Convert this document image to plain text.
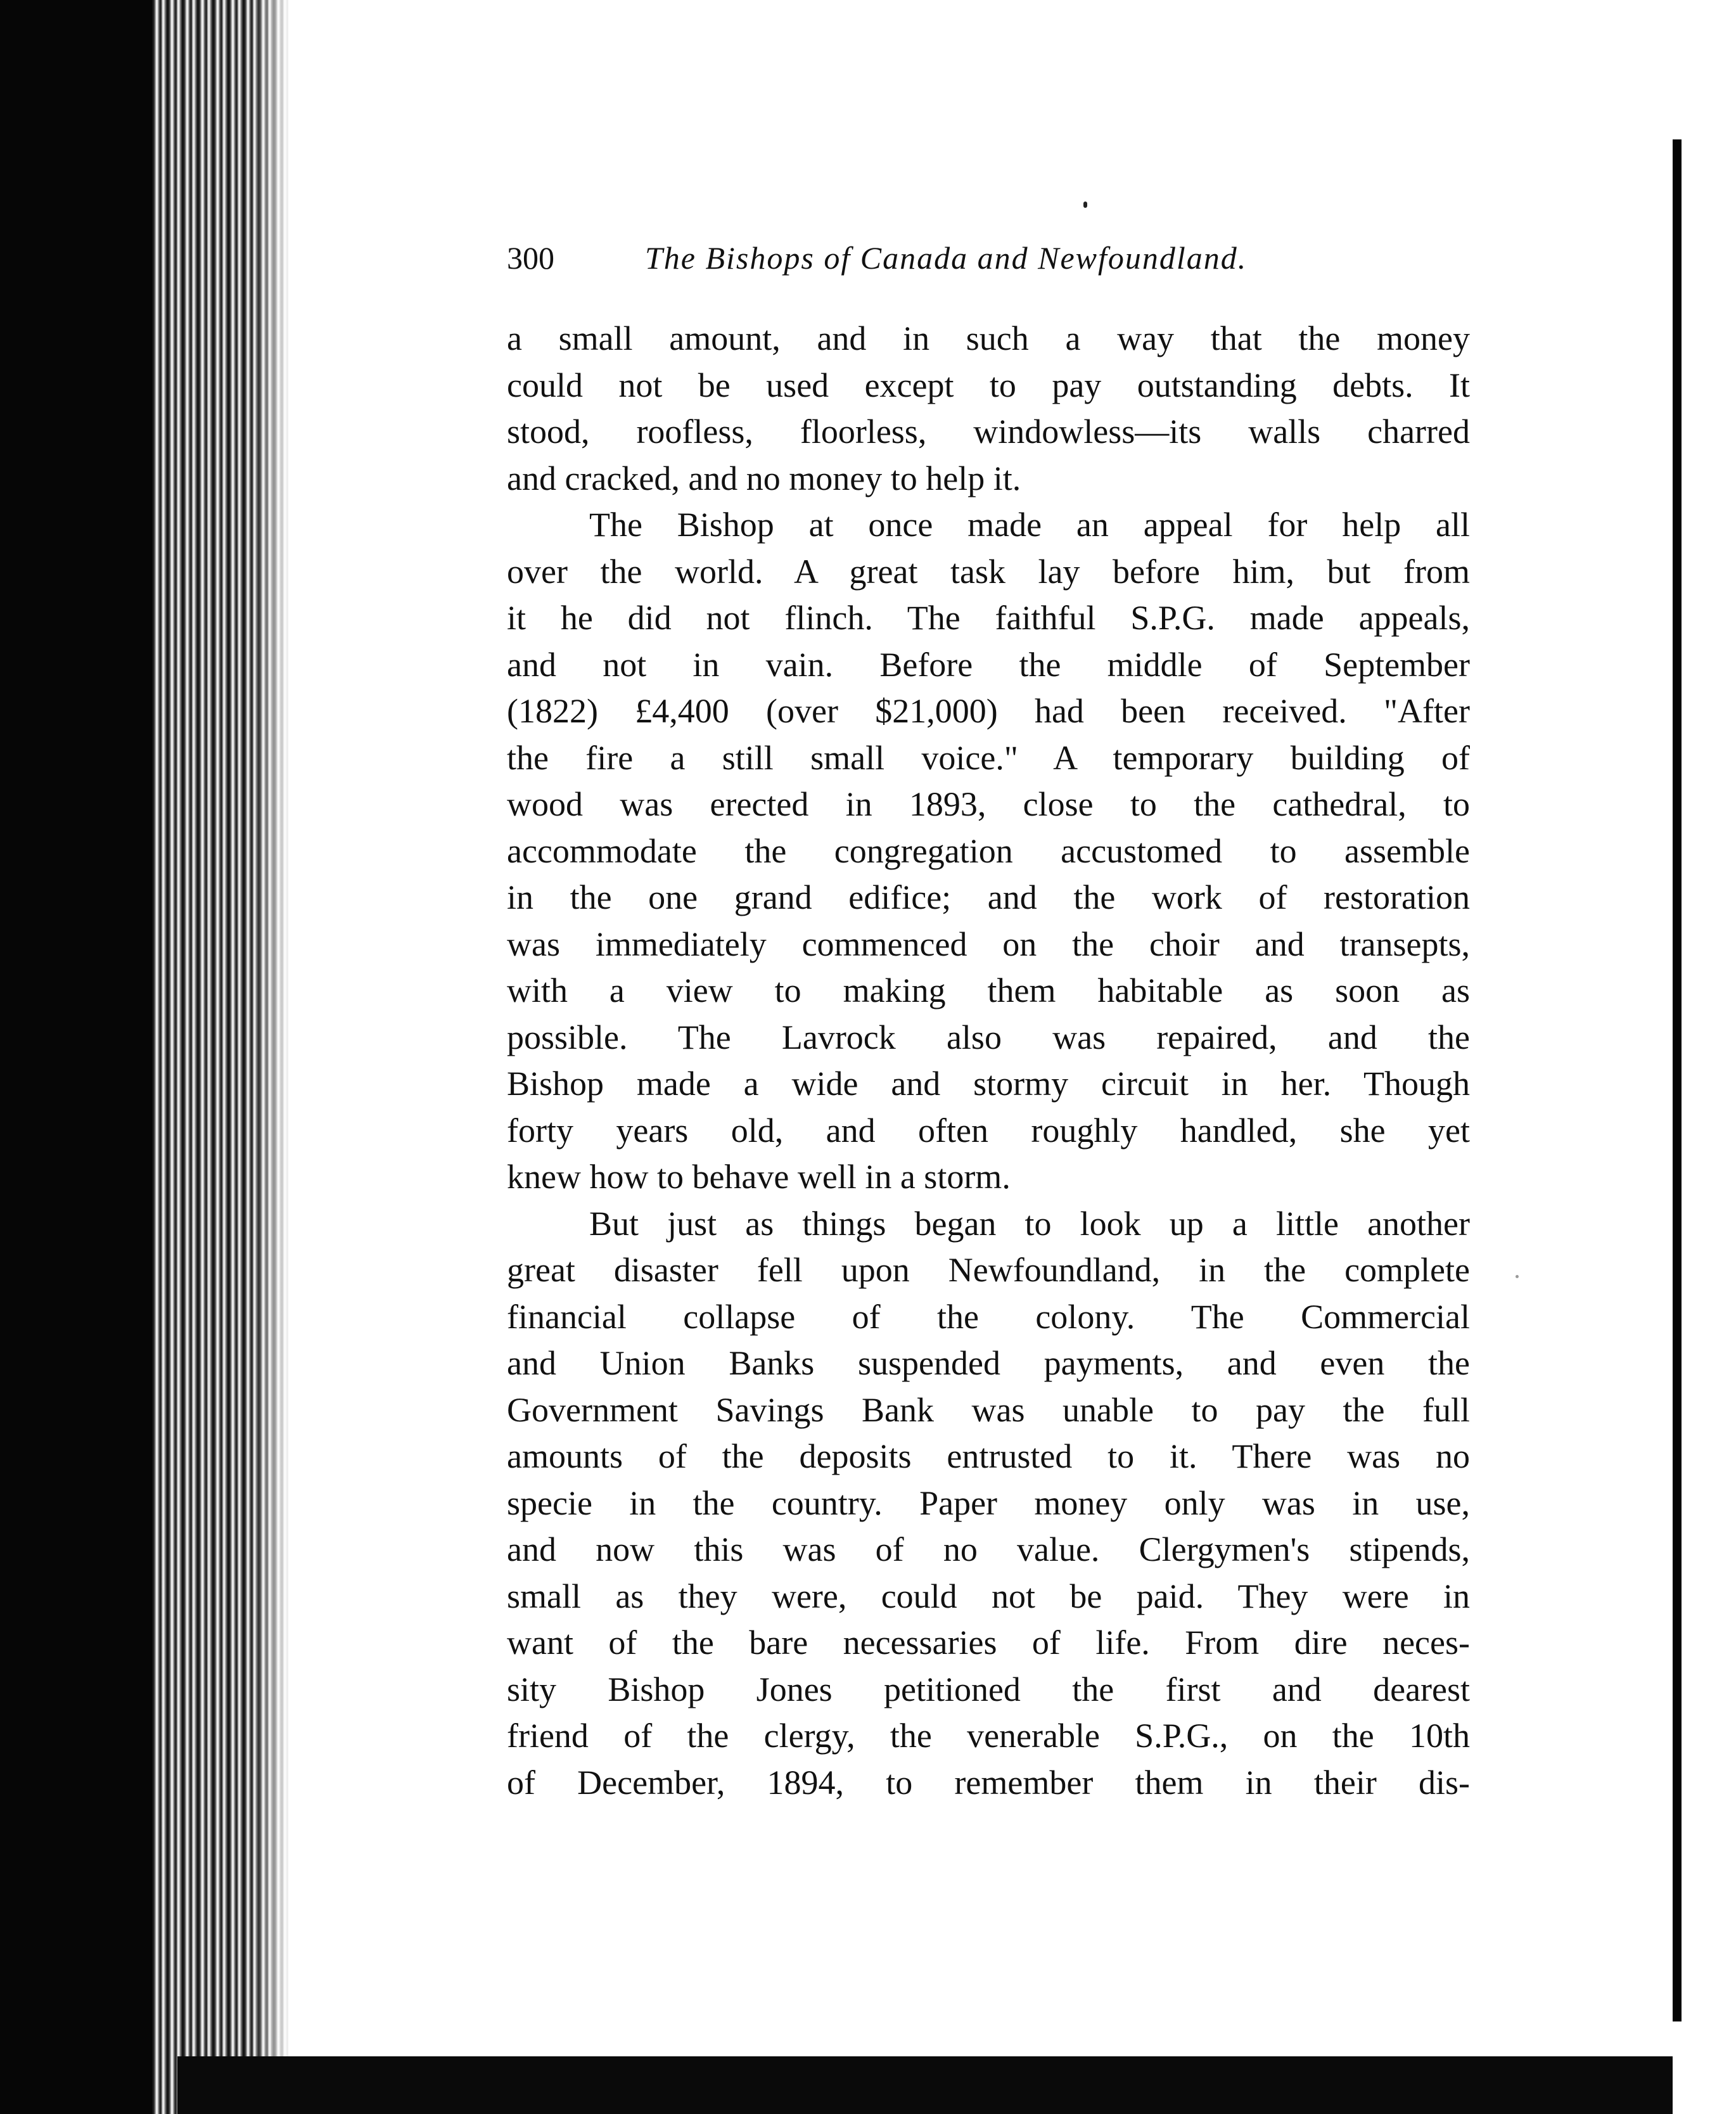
300	The Bishops of Canada and Newfoundland.
a small amount, and in such a way that the money
could not be used except to pay outstanding debts. It
stood, roofless, floorless, windowless—its walls charred
and cracked, and no money to help it.
The Bishop at once made an appeal for help all
over the world. A great task lay before him, but from
it he did not flinch. The faithful S.P.G. made appeals,
and not in vain. Before the middle of September
(1822) £4,400 (over $21,000) had been received. "After
the fire a still small voice." A temporary building of
wood was erected in 1893, close to the cathedral, to
accommodate the congregation accustomed to assemble
in the one grand edifice; and the work of restoration
was immediately commenced on the choir and transepts,
with a view to making them habitable as soon as
possible. The Lavrock also was repaired, and the
Bishop made a wide and stormy circuit in her. Though
forty years old, and often roughly handled, she yet
knew how to behave well in a storm.
But just as things began to look up a little another
great disaster fell upon Newfoundland, in the complete
financial collapse of the colony. The Commercial
and Union Banks suspended payments, and even the
Government Savings Bank was unable to pay the full
amounts of the deposits entrusted to it. There was no
specie in the country. Paper money only was in use,
and now this was of no value. Clergymen's stipends,
small as they were, could not be paid. They were in
want of the bare necessaries of life. From dire neces-
sity Bishop Jones petitioned the first and dearest
friend of the clergy, the venerable S.P.G., on the 10th
of December, 1894, to remember them in their dis-
